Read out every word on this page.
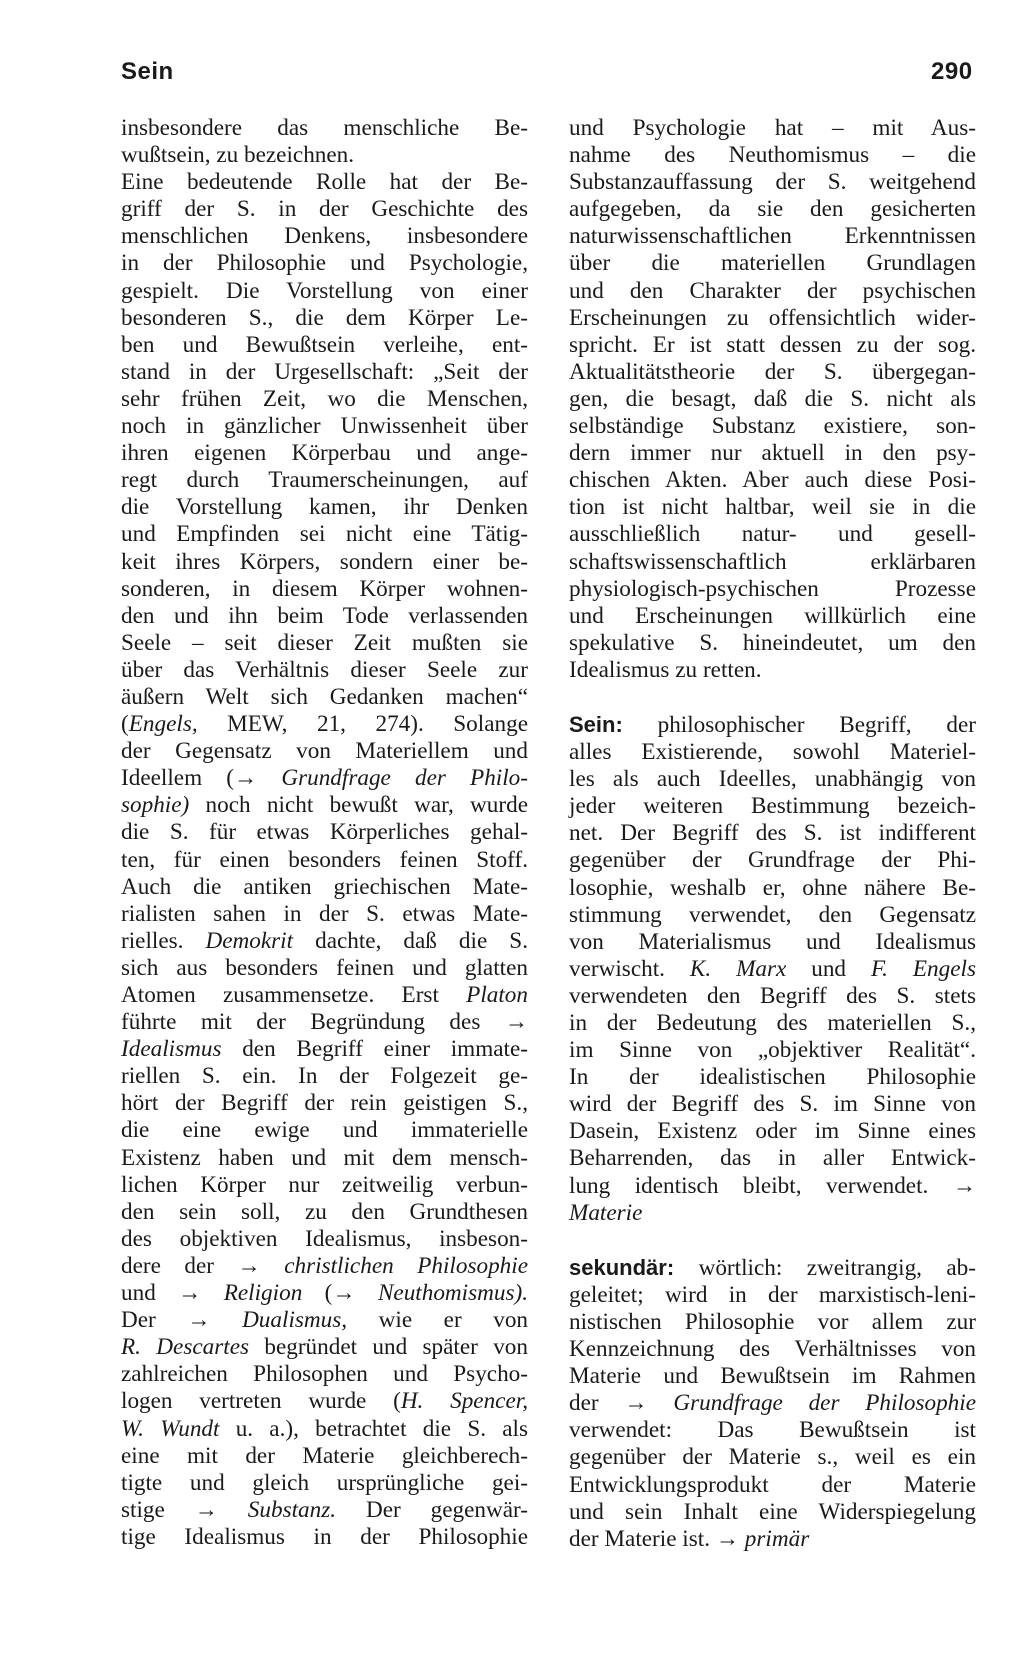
Sein	290
insbesondere das menschliche Be-
wußtsein, zu bezeichnen.
Eine bedeutende Rolle hat der Be-
griff der S. in der Geschichte des
menschlichen Denkens, insbesondere
in der Philosophie und Psychologie,
gespielt. Die Vorstellung von einer
besonderen S., die dem Körper Le-
ben und Bewußtsein verleihe, ent-
stand in der Urgesellschaft: „Seit der
sehr frühen Zeit, wo die Menschen,
noch in gänzlicher Unwissenheit über
ihren eigenen Körperbau und ange-
regt durch Traumerscheinungen, auf
die Vorstellung kamen, ihr Denken
und Empfinden sei nicht eine Tätig-
keit ihres Körpers, sondern einer be-
sonderen, in diesem Körper wohnen-
den und ihn beim Tode verlassenden
Seele – seit dieser Zeit mußten sie
über das Verhältnis dieser Seele zur
äußern Welt sich Gedanken machen“
(Engels, MEW, 21, 274). Solange
der Gegensatz von Materiellem und
Ideellem (→ Grundfrage der Philo-
sophie) noch nicht bewußt war, wurde
die S. für etwas Körperliches gehal-
ten, für einen besonders feinen Stoff.
Auch die antiken griechischen Mate-
rialisten sahen in der S. etwas Mate-
rielles. Demokrit dachte, daß die S.
sich aus besonders feinen und glatten
Atomen zusammensetze. Erst Platon
führte mit der Begründung des →
Idealismus den Begriff einer immate-
riellen S. ein. In der Folgezeit ge-
hört der Begriff der rein geistigen S.,
die eine ewige und immaterielle
Existenz haben und mit dem mensch-
lichen Körper nur zeitweilig verbun-
den sein soll, zu den Grundthesen
des objektiven Idealismus, insbeson-
dere der → christlichen Philosophie
und → Religion (→ Neuthomismus).
Der → Dualismus, wie er von
R. Descartes begründet und später von
zahlreichen Philosophen und Psycho-
logen vertreten wurde (H. Spencer,
W. Wundt u. a.), betrachtet die S. als
eine mit der Materie gleichberech-
tigte und gleich ursprüngliche gei-
stige → Substanz. Der gegenwär-
tige Idealismus in der Philosophie
und Psychologie hat – mit Aus-
nahme des Neuthomismus – die
Substanzauffassung der S. weitgehend
aufgegeben, da sie den gesicherten
naturwissenschaftlichen Erkenntnissen
über die materiellen Grundlagen
und den Charakter der psychischen
Erscheinungen zu offensichtlich wider-
spricht. Er ist statt dessen zu der sog.
Aktualitätstheorie der S. übergegan-
gen, die besagt, daß die S. nicht als
selbständige Substanz existiere, son-
dern immer nur aktuell in den psy-
chischen Akten. Aber auch diese Posi-
tion ist nicht haltbar, weil sie in die
ausschließlich natur- und gesell-
schaftswissenschaftlich erklärbaren
physiologisch-psychischen Prozesse
und Erscheinungen willkürlich eine
spekulative S. hineindeutet, um den
Idealismus zu retten.
Sein: philosophischer Begriff, der
alles Existierende, sowohl Materiel-
les als auch Ideelles, unabhängig von
jeder weiteren Bestimmung bezeich-
net. Der Begriff des S. ist indifferent
gegenüber der Grundfrage der Phi-
losophie, weshalb er, ohne nähere Be-
stimmung verwendet, den Gegensatz
von Materialismus und Idealismus
verwischt. K. Marx und F. Engels
verwendeten den Begriff des S. stets
in der Bedeutung des materiellen S.,
im Sinne von „objektiver Realität“.
In der idealistischen Philosophie
wird der Begriff des S. im Sinne von
Dasein, Existenz oder im Sinne eines
Beharrenden, das in aller Entwick-
lung identisch bleibt, verwendet. →
Materie
sekundär: wörtlich: zweitrangig, ab-
geleitet; wird in der marxistisch-leni-
nistischen Philosophie vor allem zur
Kennzeichnung des Verhältnisses von
Materie und Bewußtsein im Rahmen
der → Grundfrage der Philosophie
verwendet: Das Bewußtsein ist
gegenüber der Materie s., weil es ein
Entwicklungsprodukt der Materie
und sein Inhalt eine Widerspiegelung
der Materie ist. → primär
